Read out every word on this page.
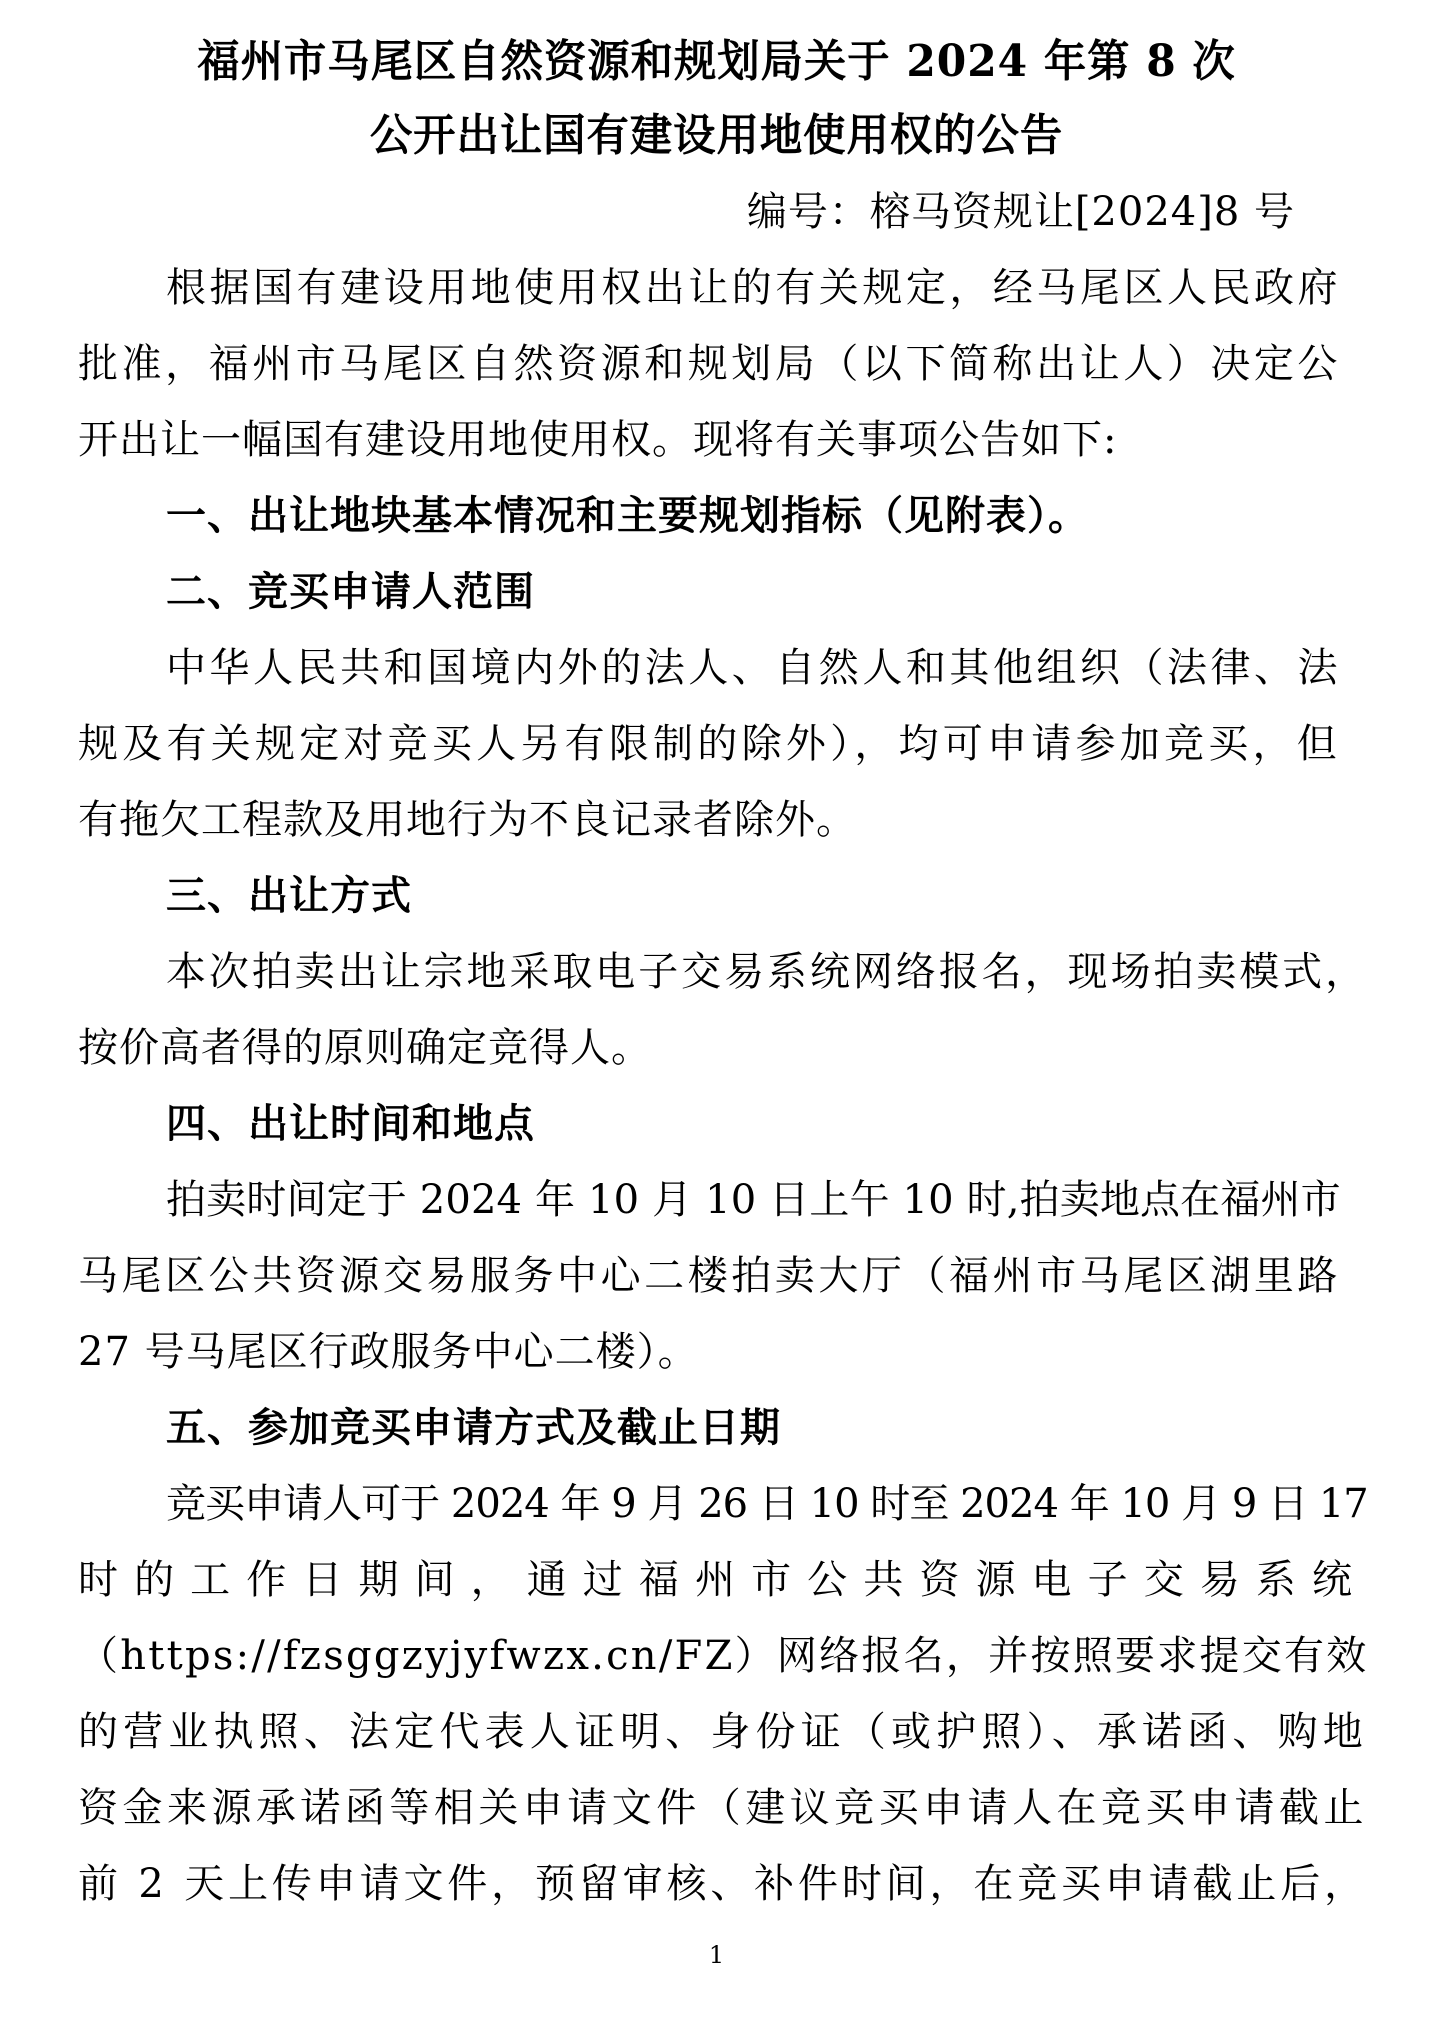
福州市马尾区自然资源和规划局关于 2024 年第 8 次
公开出让国有建设用地使用权的公告
编号：榕马资规让[2024]8 号
根据国有建设用地使用权出让的有关规定，经马尾区人民政府
批准，福州市马尾区自然资源和规划局（以下简称出让人）决定公
开出让一幅国有建设用地使用权。现将有关事项公告如下:
一、出让地块基本情况和主要规划指标（见附表）。
二、竞买申请人范围
中华人民共和国境内外的法人、自然人和其他组织（法律、法
规及有关规定对竞买人另有限制的除外），均可申请参加竞买，但
有拖欠工程款及用地行为不良记录者除外。
三、出让方式
本次拍卖出让宗地采取电子交易系统网络报名，现场拍卖模式，
按价高者得的原则确定竞得人。
四、出让时间和地点
拍卖时间定于 2024 年 10 月 10 日上午 10 时,拍卖地点在福州市
马尾区公共资源交易服务中心二楼拍卖大厅（福州市马尾区湖里路
27 号马尾区行政服务中心二楼）。
五、参加竞买申请方式及截止日期
竞买申请人可于 2024 年 9 月 26 日 10 时至 2024 年 10 月 9 日 17
时的工作日期间，通过福州市公共资源电子交易系统
（https://fzsggzyjyfwzx.cn/FZ）网络报名，并按照要求提交有效
的营业执照、法定代表人证明、身份证（或护照）、承诺函、购地
资金来源承诺函等相关申请文件（建议竞买申请人在竞买申请截止
前 2 天上传申请文件，预留审核、补件时间，在竞买申请截止后，
1
